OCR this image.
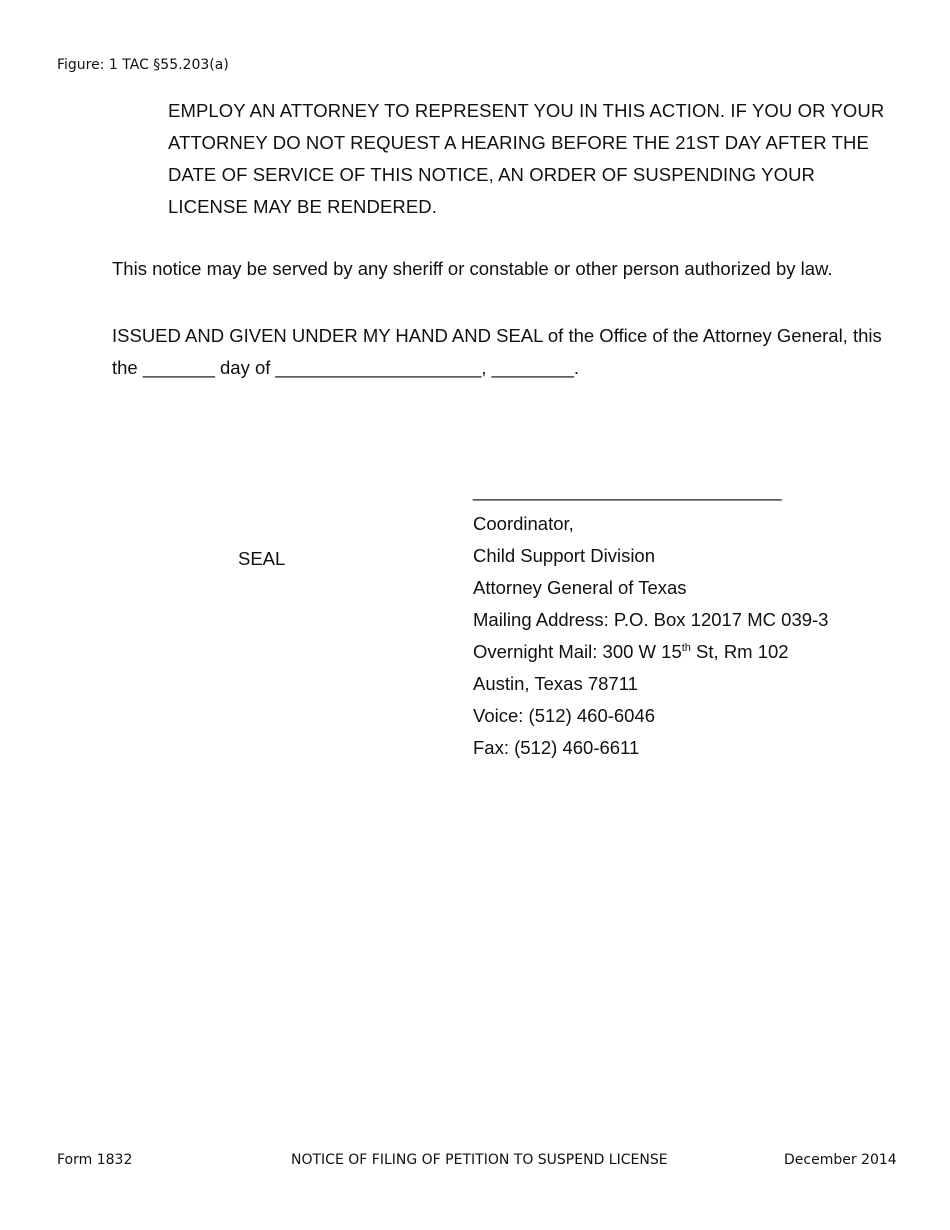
Figure: 1 TAC §55.203(a)
EMPLOY AN ATTORNEY TO REPRESENT YOU IN THIS ACTION. IF YOU OR YOUR
ATTORNEY DO NOT REQUEST A HEARING BEFORE THE 21ST DAY AFTER THE
DATE OF SERVICE OF THIS NOTICE, AN ORDER OF SUSPENDING YOUR
LICENSE MAY BE RENDERED.
This notice may be served by any sheriff or constable or other person authorized by law.
ISSUED AND GIVEN UNDER MY HAND AND SEAL of the Office of the Attorney General, this
the _______ day of ____________________, ________.
SEAL
______________________________
Coordinator,
Child Support Division
Attorney General of Texas
Mailing Address: P.O. Box 12017 MC 039-3
Overnight Mail: 300 W 15th St, Rm 102
Austin, Texas 78711
Voice: (512) 460-6046
Fax: (512) 460-6611
Form 1832	NOTICE OF FILING OF PETITION TO SUSPEND LICENSE	December 2014
